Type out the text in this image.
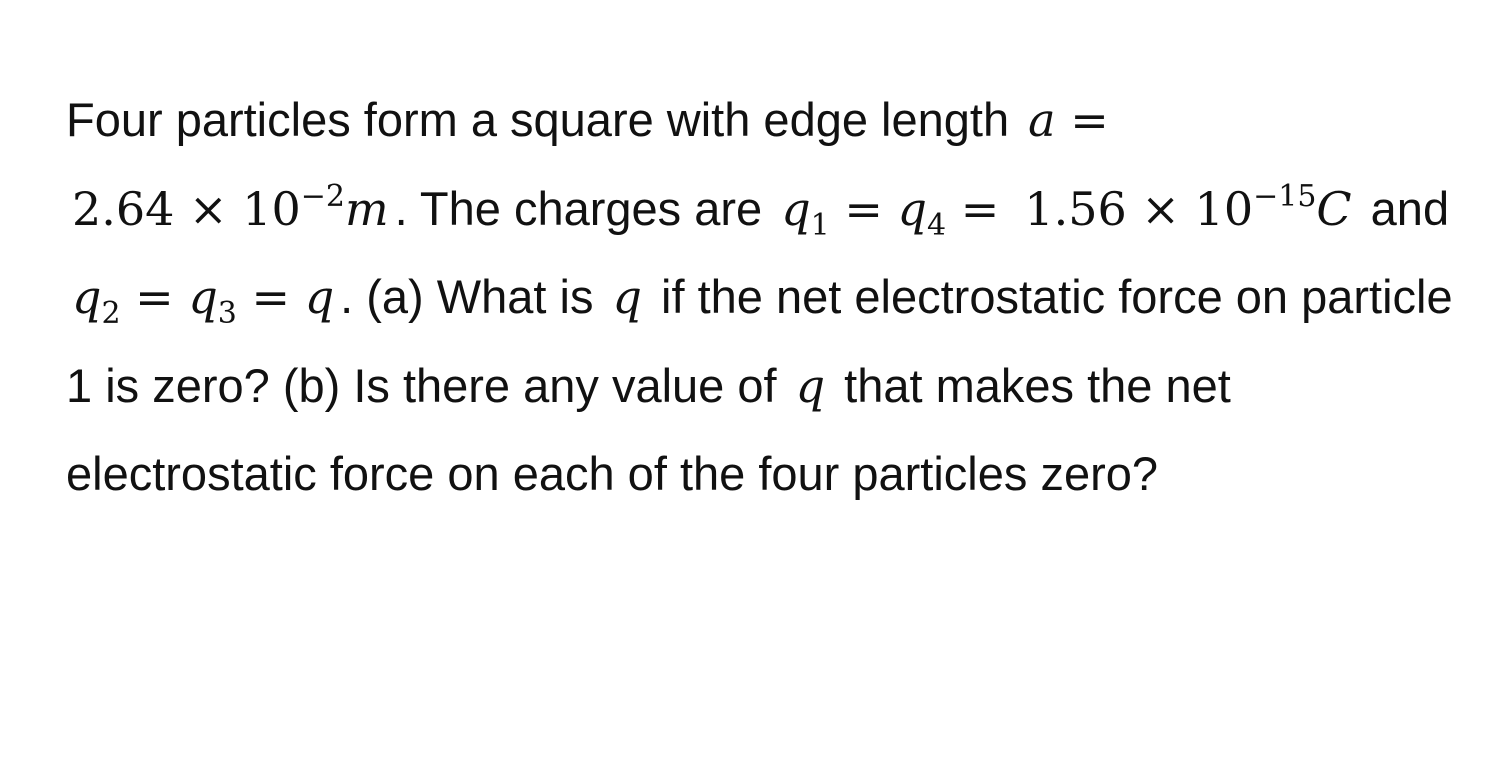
Four particles form a square with edge length $a = 2.64 \times 10^{-2}m$ . The charges are $q_1 = q_4 = 1.56 \times 10^{-15}C$ and $q_2 = q_3 = q$ . (a) What is q if the net electrostatic force on particle 1 is zero? (b) Is there any value of q that makes the net electrostatic force on each of the four particles zero?
